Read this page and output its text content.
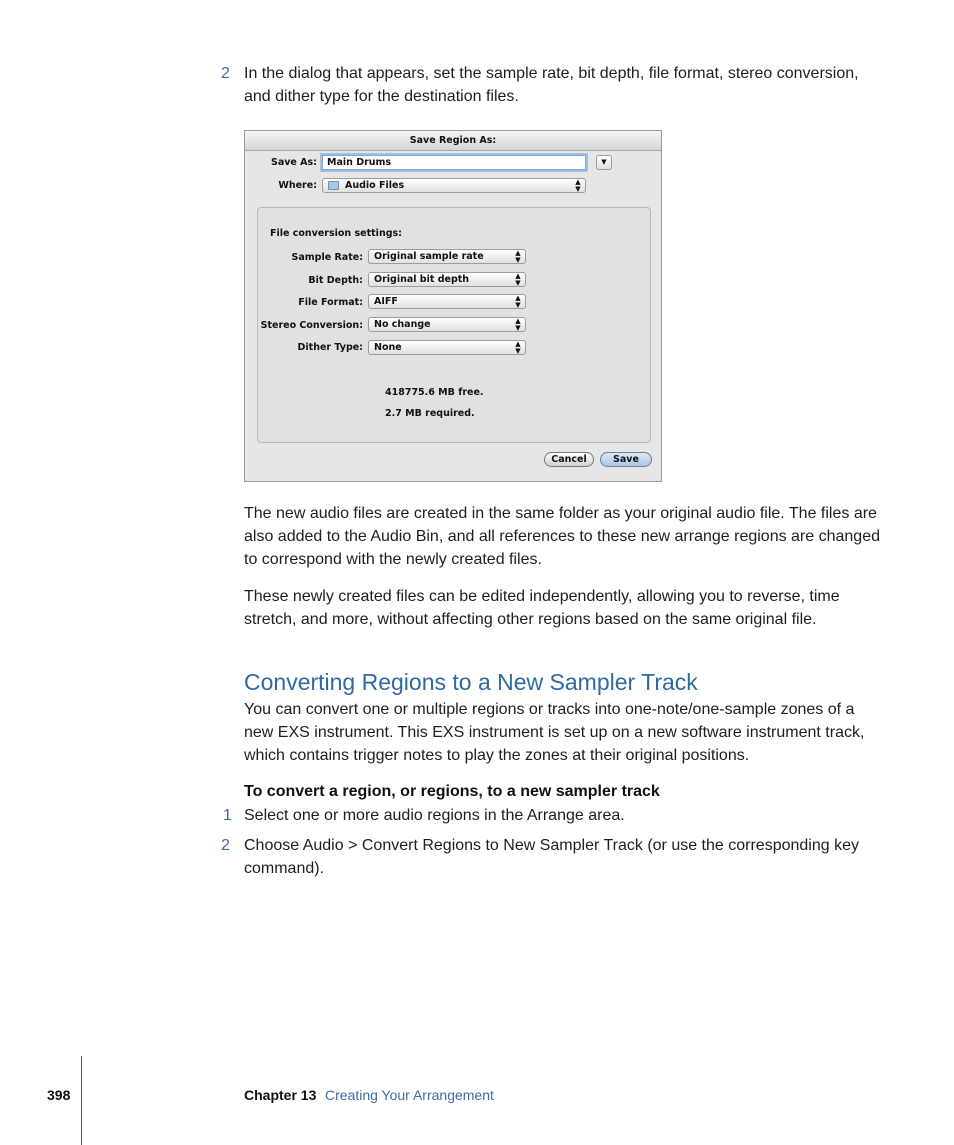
2 In the dialog that appears, set the sample rate, bit depth, file format, stereo conversion,
and dither type for the destination files.
Save Region As:
Save As:	Main Drums	▼
Where:	Audio Files	▲
▼
File conversion settings:
Sample Rate:	Original sample rate	▲
▼
Bit Depth:	Original bit depth	▲
▼
File Format:	AIFF	▲
▼
Stereo Conversion:	No change	▲
▼
Dither Type:	None	▲
▼
418775.6 MB free.
2.7 MB required.
Cancel	Save
The new audio files are created in the same folder as your original audio file. The files are
also added to the Audio Bin, and all references to these new arrange regions are changed
to correspond with the newly created files.
These newly created files can be edited independently, allowing you to reverse, time
stretch, and more, without affecting other regions based on the same original file.
Converting Regions to a New Sampler Track
You can convert one or multiple regions or tracks into one-note/one-sample zones of a
new EXS instrument. This EXS instrument is set up on a new software instrument track,
which contains trigger notes to play the zones at their original positions.
To convert a region, or regions, to a new sampler track
1 Select one or more audio regions in the Arrange area.
2 Choose Audio > Convert Regions to New Sampler Track (or use the corresponding key
command).
398	Chapter 13 Creating Your Arrangement
